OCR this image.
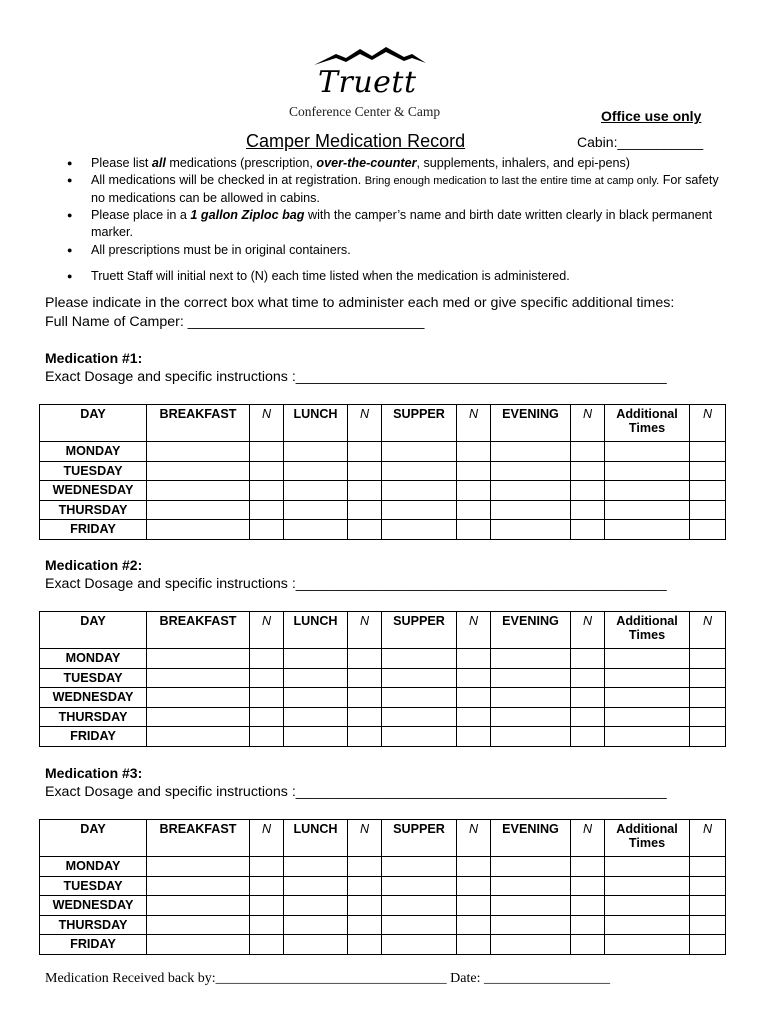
Truett
Conference Center & Camp	Office use only
Camper Medication Record	Cabin:___________
● Please list all medications (prescription, over-the-counter, supplements, inhalers, and epi-pens)
● All medications will be checked in at registration. Bring enough medication to last the entire time at camp only. For safety no medications can be allowed in cabins.
● Please place in a 1 gallon Ziploc bag with the camper’s name and birth date written clearly in black permanent marker.
● All prescriptions must be in original containers.
● Truett Staff will initial next to (N) each time listed when the medication is administered.
Please indicate in the correct box what time to administer each med or give specific additional times:
Full Name of Camper: ______________________________
Medication #1:
Exact Dosage and specific instructions :_______________________________________________
DAY	BREAKFAST	N	LUNCH	N	SUPPER	N	EVENING	N	Additional Times	N
MONDAY										
TUESDAY										
WEDNESDAY										
THURSDAY										
FRIDAY										
Medication #2:
Exact Dosage and specific instructions :_______________________________________________
DAY	BREAKFAST	N	LUNCH	N	SUPPER	N	EVENING	N	Additional Times	N
MONDAY										
TUESDAY										
WEDNESDAY										
THURSDAY										
FRIDAY										
Medication #3:
Exact Dosage and specific instructions :_______________________________________________
DAY	BREAKFAST	N	LUNCH	N	SUPPER	N	EVENING	N	Additional Times	N
MONDAY										
TUESDAY										
WEDNESDAY										
THURSDAY										
FRIDAY										
Medication Received back by:_________________________________ Date: __________________
